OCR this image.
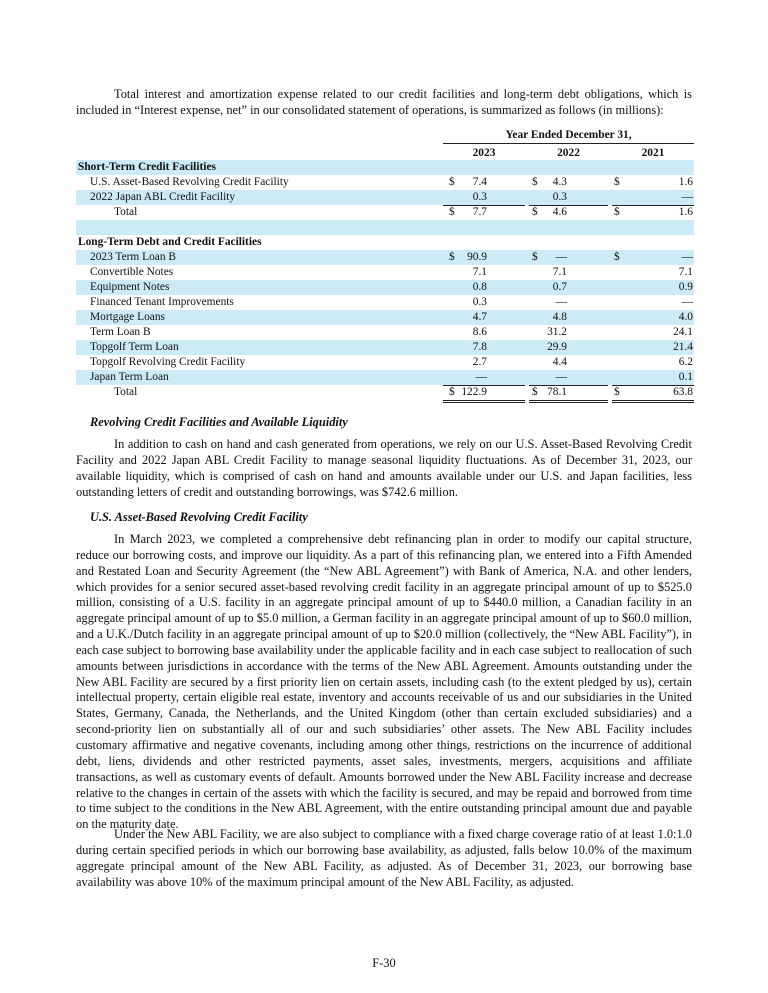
Total interest and amortization expense related to our credit facilities and long-term debt obligations, which is included in “Interest expense, net” in our consolidated statement of operations, is summarized as follows (in millions):

Year Ended December 31,
2023	2022	2021
Short-Term Credit Facilities
U.S. Asset-Based Revolving Credit Facility	$ 7.4	$ 4.3	$	1.6
2022 Japan ABL Credit Facility	0.3	0.3	—
Total	$ 7.7	$ 4.6	$	1.6
Long-Term Debt and Credit Facilities
2023 Term Loan B	$ 90.9	$ —	$	—
Convertible Notes	7.1	7.1	7.1
Equipment Notes	0.8	0.7	0.9
Financed Tenant Improvements	0.3	—	—
Mortgage Loans	4.7	4.8	4.0
Term Loan B	8.6	31.2	24.1
Topgolf Term Loan	7.8	29.9	21.4
Topgolf Revolving Credit Facility	2.7	4.4	6.2
Japan Term Loan	—	—	0.1
Total	$ 122.9	$ 78.1	$	63.8
Revolving Credit Facilities and Available Liquidity

In addition to cash on hand and cash generated from operations, we rely on our U.S. Asset-Based Revolving Credit Facility and 2022 Japan ABL Credit Facility to manage seasonal liquidity fluctuations. As of December 31, 2023, our available liquidity, which is comprised of cash on hand and amounts available under our U.S. and Japan facilities, less outstanding letters of credit and outstanding borrowings, was $742.6 million.

U.S. Asset-Based Revolving Credit Facility

In March 2023, we completed a comprehensive debt refinancing plan in order to modify our capital structure, reduce our borrowing costs, and improve our liquidity. As a part of this refinancing plan, we entered into a Fifth Amended and Restated Loan and Security Agreement (the “New ABL Agreement”) with Bank of America, N.A. and other lenders, which provides for a senior secured asset-based revolving credit facility in an aggregate principal amount of up to $525.0 million, consisting of a U.S. facility in an aggregate principal amount of up to $440.0 million, a Canadian facility in an aggregate principal amount of up to $5.0 million, a German facility in an aggregate principal amount of up to $60.0 million, and a U.K./Dutch facility in an aggregate principal amount of up to $20.0 million (collectively, the “New ABL Facility”), in each case subject to borrowing base availability under the applicable facility and in each case subject to reallocation of such amounts between jurisdictions in accordance with the terms of the New ABL Agreement. Amounts outstanding under the New ABL Facility are secured by a first priority lien on certain assets, including cash (to the extent pledged by us), certain intellectual property, certain eligible real estate, inventory and accounts receivable of us and our subsidiaries in the United States, Germany, Canada, the Netherlands, and the United Kingdom (other than certain excluded subsidiaries) and a second-priority lien on substantially all of our and such subsidiaries’ other assets. The New ABL Facility includes customary affirmative and negative covenants, including among other things, restrictions on the incurrence of additional debt, liens, dividends and other restricted payments, asset sales, investments, mergers, acquisitions and affiliate transactions, as well as customary events of default. Amounts borrowed under the New ABL Facility increase and decrease relative to the changes in certain of the assets with which the facility is secured, and may be repaid and borrowed from time to time subject to the conditions in the New ABL Agreement, with the entire outstanding principal amount due and payable on the maturity date.

Under the New ABL Facility, we are also subject to compliance with a fixed charge coverage ratio of at least 1.0:1.0 during certain specified periods in which our borrowing base availability, as adjusted, falls below 10.0% of the maximum aggregate principal amount of the New ABL Facility, as adjusted. As of December 31, 2023, our borrowing base availability was above 10% of the maximum principal amount of the New ABL Facility, as adjusted.

F-30
